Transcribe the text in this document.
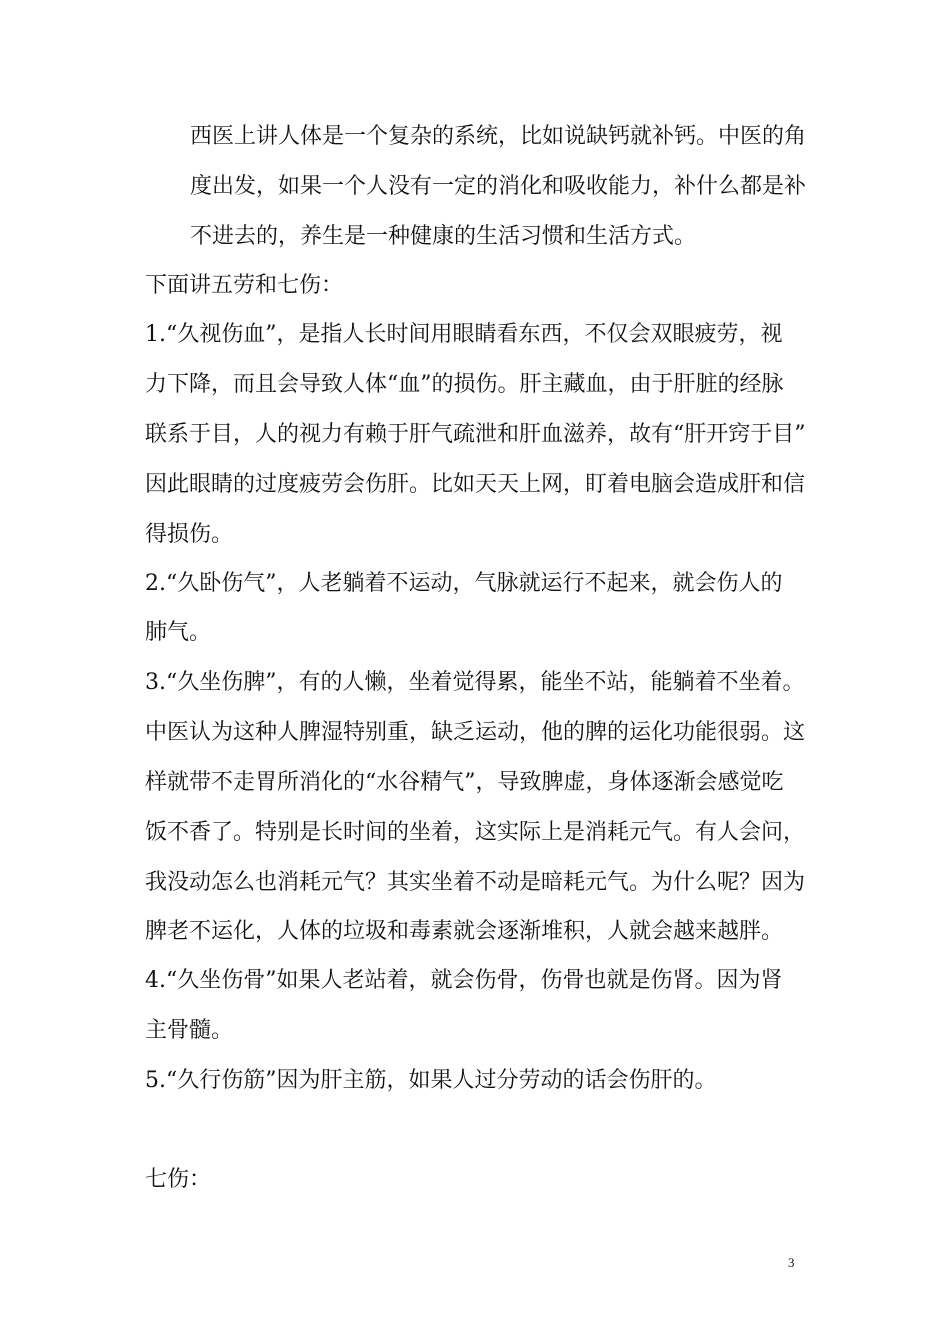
西医上讲人体是一个复杂的系统，比如说缺钙就补钙。中医的角
度出发，如果一个人没有一定的消化和吸收能力，补什么都是补
不进去的，养生是一种健康的生活习惯和生活方式。
下面讲五劳和七伤：
1.“久视伤血”，是指人长时间用眼睛看东西，不仅会双眼疲劳，视
力下降，而且会导致人体“血”的损伤。肝主藏血，由于肝脏的经脉
联系于目，人的视力有赖于肝气疏泄和肝血滋养，故有“肝开窍于目”
因此眼睛的过度疲劳会伤肝。比如天天上网，盯着电脑会造成肝和信
得损伤。
2.“久卧伤气”，人老躺着不运动，气脉就运行不起来，就会伤人的
肺气。
3.“久坐伤脾”，有的人懒，坐着觉得累，能坐不站，能躺着不坐着。
中医认为这种人脾湿特别重，缺乏运动，他的脾的运化功能很弱。这
样就带不走胃所消化的“水谷精气”，导致脾虚，身体逐渐会感觉吃
饭不香了。特别是长时间的坐着，这实际上是消耗元气。有人会问，
我没动怎么也消耗元气？其实坐着不动是暗耗元气。为什么呢？因为
脾老不运化，人体的垃圾和毒素就会逐渐堆积，人就会越来越胖。
4.“久坐伤骨”如果人老站着，就会伤骨，伤骨也就是伤肾。因为肾
主骨髓。
5.“久行伤筋”因为肝主筋，如果人过分劳动的话会伤肝的。
七伤：
3
